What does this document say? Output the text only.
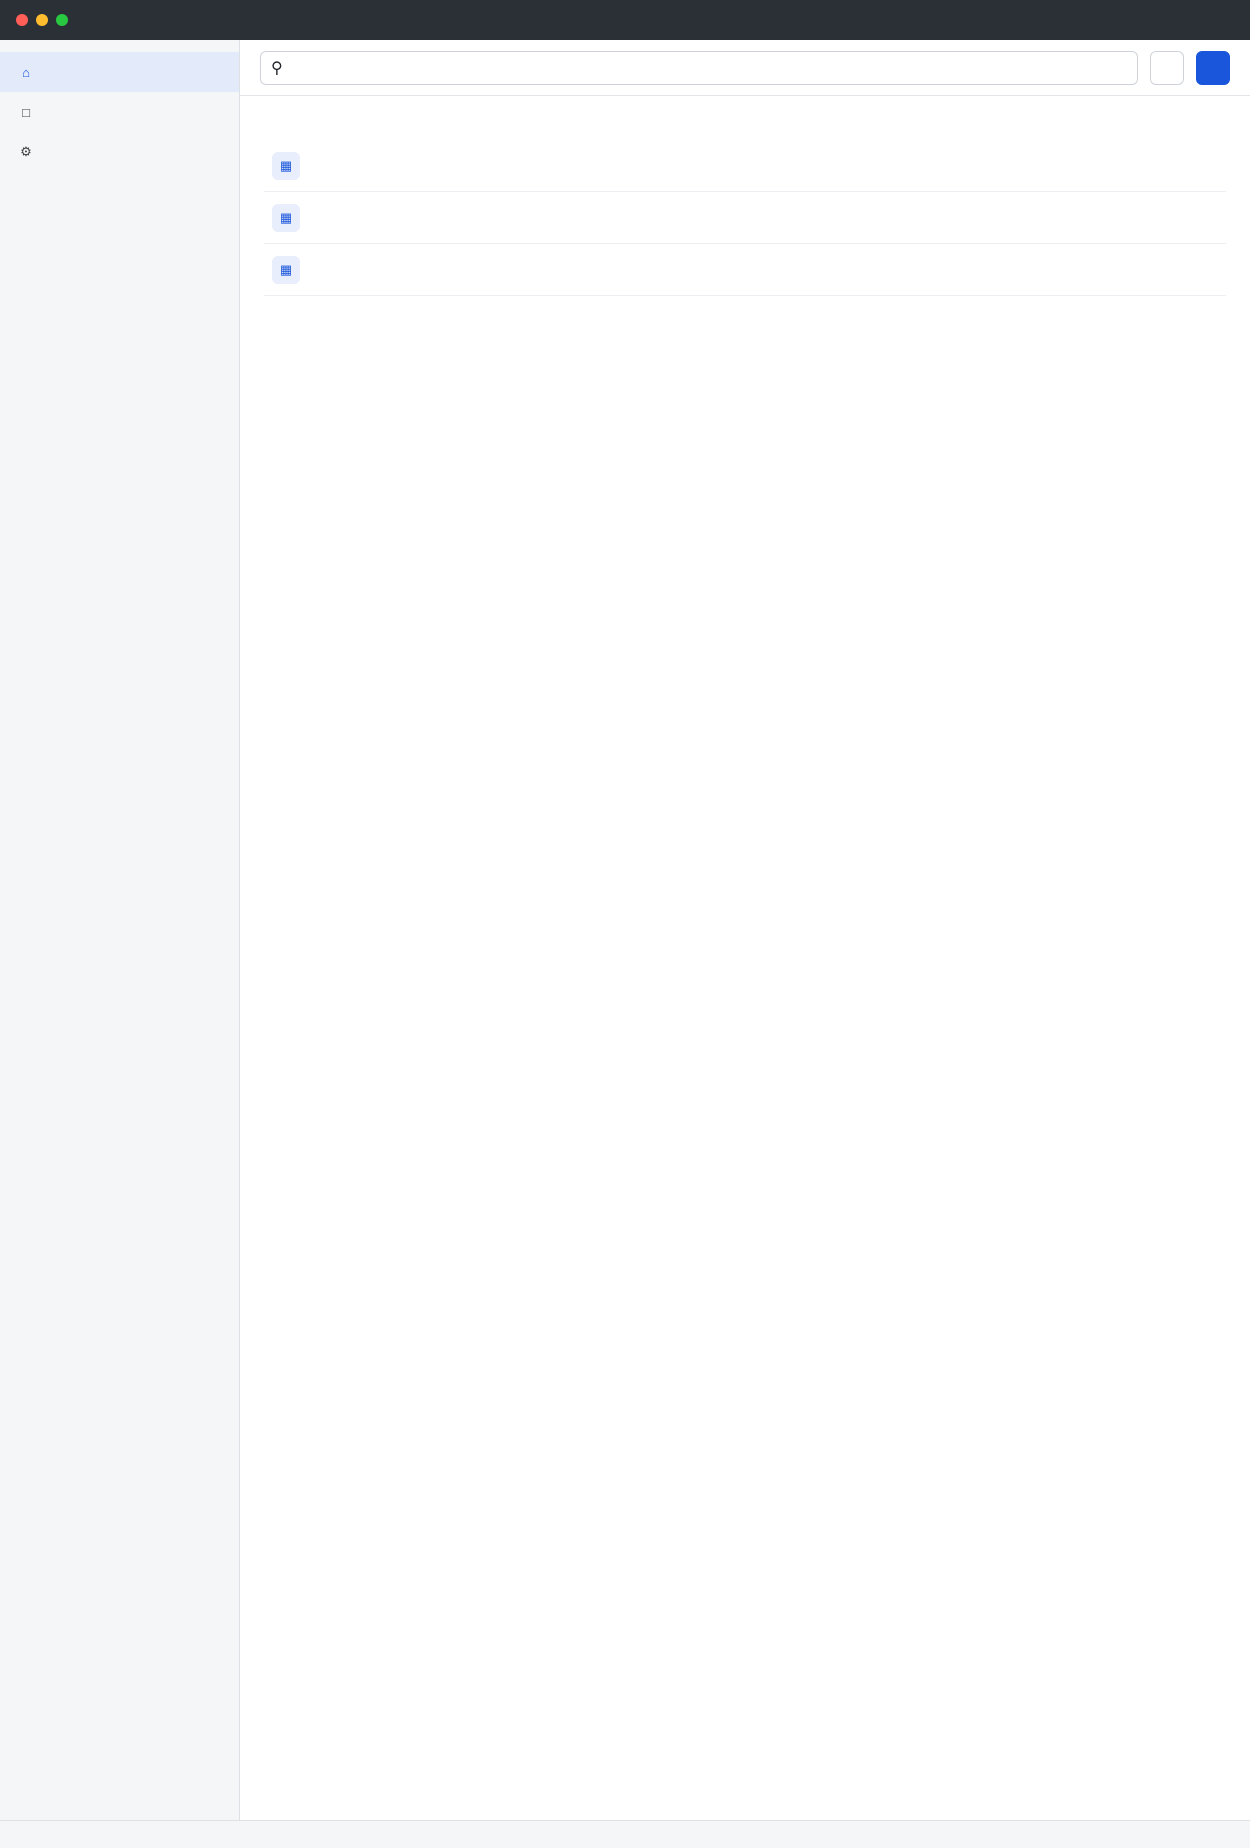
⌂
□
⚙
⚲

▦
▦
▦
